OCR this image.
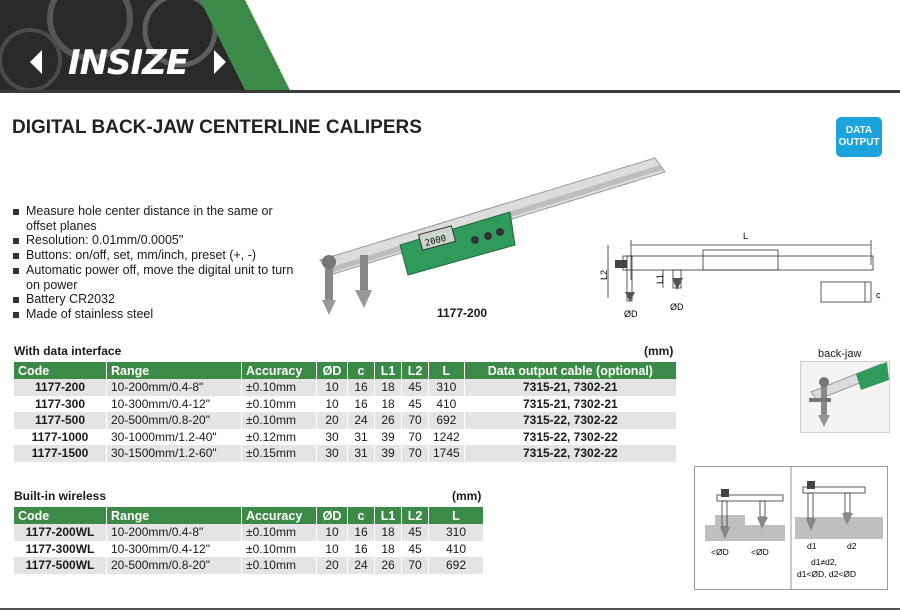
INSIZE
DIGITAL BACK-JAW CENTERLINE CALIPERS	DATA
OUTPUT
Measure hole center distance in the same or offset planes
Resolution: 0.01mm/0.0005"
Buttons: on/off, set, mm/inch, preset (+, -)
Automatic power off, move the digital unit to turn on power
Battery CR2032
Made of stainless steel
2000
1177-200
L
L2	L1
ØD
ØD
c
With data interface	(mm)
Code	Range	Accuracy	ØD	c	L1	L2	L	Data output cable (optional)
1177-200	10-200mm/0.4-8"	±0.10mm	10	16	18	45	310	7315-21, 7302-21
1177-300	10-300mm/0.4-12"	±0.10mm	10	16	18	45	410	7315-21, 7302-21
1177-500	20-500mm/0.8-20"	±0.10mm	20	24	26	70	692	7315-22, 7302-22
1177-1000	30-1000mm/1.2-40"	±0.12mm	30	31	39	70	1242	7315-22, 7302-22
1177-1500	30-1500mm/1.2-60"	±0.15mm	30	31	39	70	1745	7315-22, 7302-22
Built-in wireless	(mm)
Code	Range	Accuracy	ØD	c	L1	L2	L
1177-200WL	10-200mm/0.4-8"	±0.10mm	10	16	18	45	310
1177-300WL	10-300mm/0.4-12"	±0.10mm	10	16	18	45	410
1177-500WL	20-500mm/0.8-20"	±0.10mm	20	24	26	70	692
back-jaw
<ØD	<ØD
d1	d2
d1≠d2,
d1<ØD, d2<ØD
